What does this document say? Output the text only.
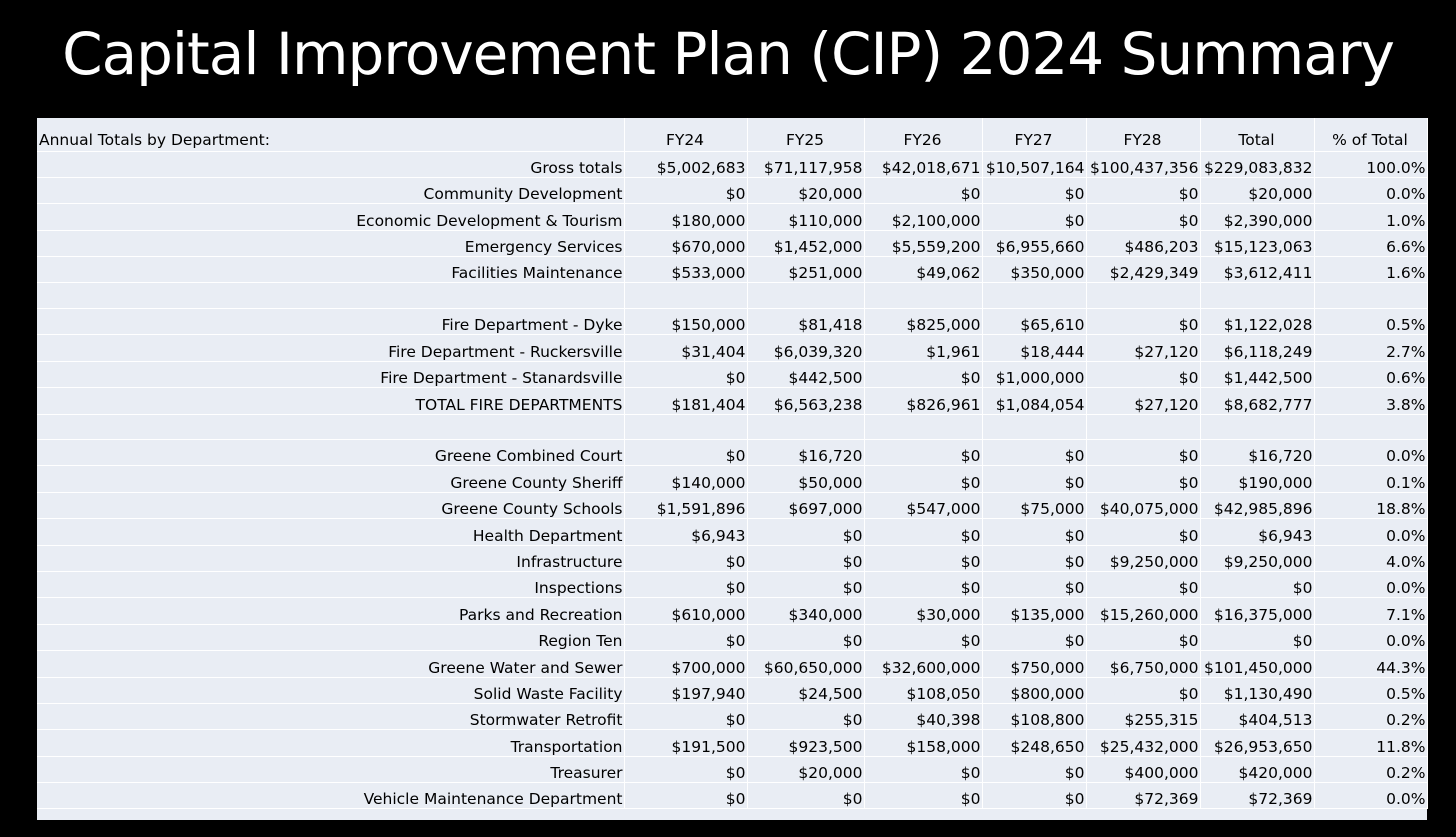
Capital Improvement Plan (CIP) 2024 Summary
Annual Totals by Department:	FY24	FY25	FY26	FY27	FY28	Total	% of Total
Gross totals	$5,002,683	$71,117,958	$42,018,671	$10,507,164	$100,437,356	$229,083,832	100.0%
Community Development	$0	$20,000	$0	$0	$0	$20,000	0.0%
Economic Development & Tourism	$180,000	$110,000	$2,100,000	$0	$0	$2,390,000	1.0%
Emergency Services	$670,000	$1,452,000	$5,559,200	$6,955,660	$486,203	$15,123,063	6.6%
Facilities Maintenance	$533,000	$251,000	$49,062	$350,000	$2,429,349	$3,612,411	1.6%

Fire Department - Dyke	$150,000	$81,418	$825,000	$65,610	$0	$1,122,028	0.5%
Fire Department - Ruckersville	$31,404	$6,039,320	$1,961	$18,444	$27,120	$6,118,249	2.7%
Fire Department - Stanardsville	$0	$442,500	$0	$1,000,000	$0	$1,442,500	0.6%
TOTAL FIRE DEPARTMENTS	$181,404	$6,563,238	$826,961	$1,084,054	$27,120	$8,682,777	3.8%

Greene Combined Court	$0	$16,720	$0	$0	$0	$16,720	0.0%
Greene County Sheriff	$140,000	$50,000	$0	$0	$0	$190,000	0.1%
Greene County Schools	$1,591,896	$697,000	$547,000	$75,000	$40,075,000	$42,985,896	18.8%
Health Department	$6,943	$0	$0	$0	$0	$6,943	0.0%
Infrastructure	$0	$0	$0	$0	$9,250,000	$9,250,000	4.0%
Inspections	$0	$0	$0	$0	$0	$0	0.0%
Parks and Recreation	$610,000	$340,000	$30,000	$135,000	$15,260,000	$16,375,000	7.1%
Region Ten	$0	$0	$0	$0	$0	$0	0.0%
Greene Water and Sewer	$700,000	$60,650,000	$32,600,000	$750,000	$6,750,000	$101,450,000	44.3%
Solid Waste Facility	$197,940	$24,500	$108,050	$800,000	$0	$1,130,490	0.5%
Stormwater Retrofit	$0	$0	$40,398	$108,800	$255,315	$404,513	0.2%
Transportation	$191,500	$923,500	$158,000	$248,650	$25,432,000	$26,953,650	11.8%
Treasurer	$0	$20,000	$0	$0	$400,000	$420,000	0.2%
Vehicle Maintenance Department	$0	$0	$0	$0	$72,369	$72,369	0.0%
